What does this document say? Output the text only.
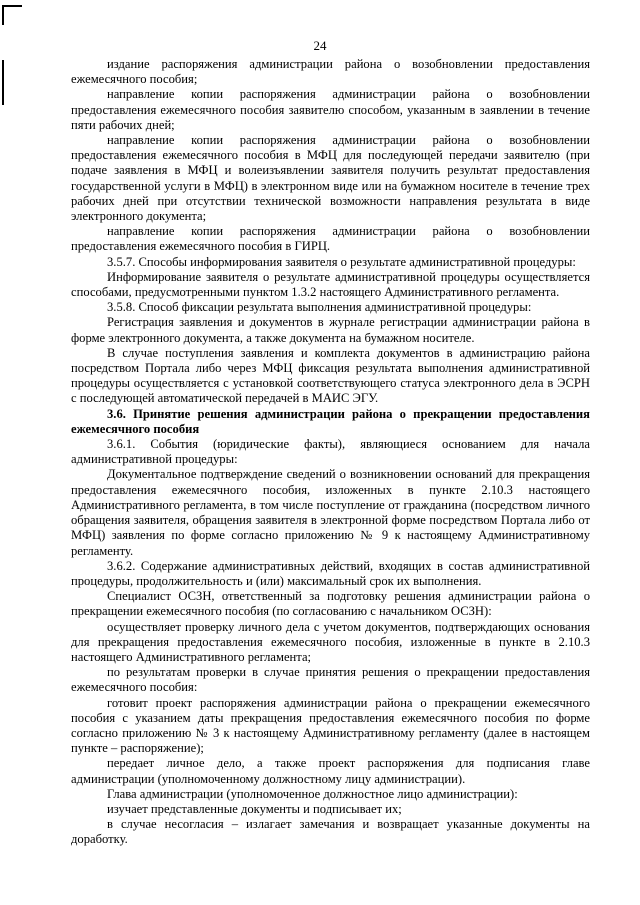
24

издание распоряжения администрации района о возобновлении предоставления ежемесячного пособия;

направление копии распоряжения администрации района о возобновлении предоставления ежемесячного пособия заявителю способом, указанным в заявлении в течение пяти рабочих дней;

направление копии распоряжения администрации района о возобновлении предоставления ежемесячного пособия в МФЦ для последующей передачи заявителю (при подаче заявления в МФЦ и волеизъявлении заявителя получить результат предоставления государственной услуги в МФЦ) в электронном виде или на бумажном носителе в течение трех рабочих дней при отсутствии технической возможности направления результата в виде электронного документа;

направление копии распоряжения администрации района о возобновлении предоставления ежемесячного пособия в ГИРЦ.

3.5.7. Способы информирования заявителя о результате административной процедуры:

Информирование заявителя о результате административной процедуры осуществляется способами, предусмотренными пунктом 1.3.2 настоящего Административного регламента.

3.5.8. Способ фиксации результата выполнения административной процедуры:

Регистрация заявления и документов в журнале регистрации администрации района в форме электронного документа, а также документа на бумажном носителе.

В случае поступления заявления и комплекта документов в администрацию района посредством Портала либо через МФЦ фиксация результата выполнения административной процедуры осуществляется с установкой соответствующего статуса электронного дела в ЭСРН с последующей автоматической передачей в МАИС ЭГУ.

3.6. Принятие решения администрации района о прекращении предоставления ежемесячного пособия

3.6.1. События (юридические факты), являющиеся основанием для начала административной процедуры:

Документальное подтверждение сведений о возникновении оснований для прекращения предоставления ежемесячного пособия, изложенных в пункте 2.10.3 настоящего Административного регламента, в том числе поступление от гражданина (посредством личного обращения заявителя, обращения заявителя в электронной форме посредством Портала либо от МФЦ) заявления по форме согласно приложению № 9 к настоящему Административному регламенту.

3.6.2. Содержание административных действий, входящих в состав административной процедуры, продолжительность и (или) максимальный срок их выполнения.

Специалист ОСЗН, ответственный за подготовку решения администрации района о прекращении ежемесячного пособия (по согласованию с начальником ОСЗН):

осуществляет проверку личного дела с учетом документов, подтверждающих основания для прекращения предоставления ежемесячного пособия, изложенные в пункте в 2.10.3 настоящего Административного регламента;

по результатам проверки в случае принятия решения о прекращении предоставления ежемесячного пособия:

готовит проект распоряжения администрации района о прекращении ежемесячного пособия с указанием даты прекращения предоставления ежемесячного пособия по форме согласно приложению № 3 к настоящему Административному регламенту (далее в настоящем пункте – распоряжение);

передает личное дело, а также проект распоряжения для подписания главе администрации (уполномоченному должностному лицу администрации).

Глава администрации (уполномоченное должностное лицо администрации):

изучает представленные документы и подписывает их;

в случае несогласия – излагает замечания и возвращает указанные документы на доработку.
